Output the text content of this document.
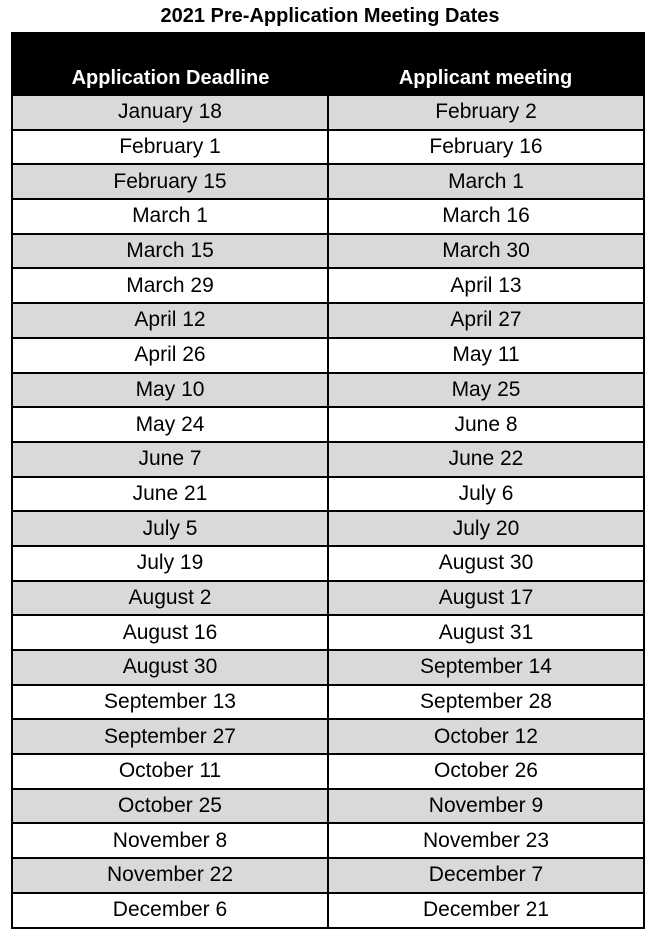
2021 Pre-Application Meeting Dates
Application Deadline	Applicant meeting
January 18	February 2
February 1	February 16
February 15	March 1
March 1	March 16
March 15	March 30
March 29	April 13
April 12	April 27
April 26	May 11
May 10	May 25
May 24	June 8
June 7	June 22
June 21	July 6
July 5	July 20
July 19	August 30
August 2	August 17
August 16	August 31
August 30	September 14
September 13	September 28
September 27	October 12
October 11	October 26
October 25	November 9
November 8	November 23
November 22	December 7
December 6	December 21
